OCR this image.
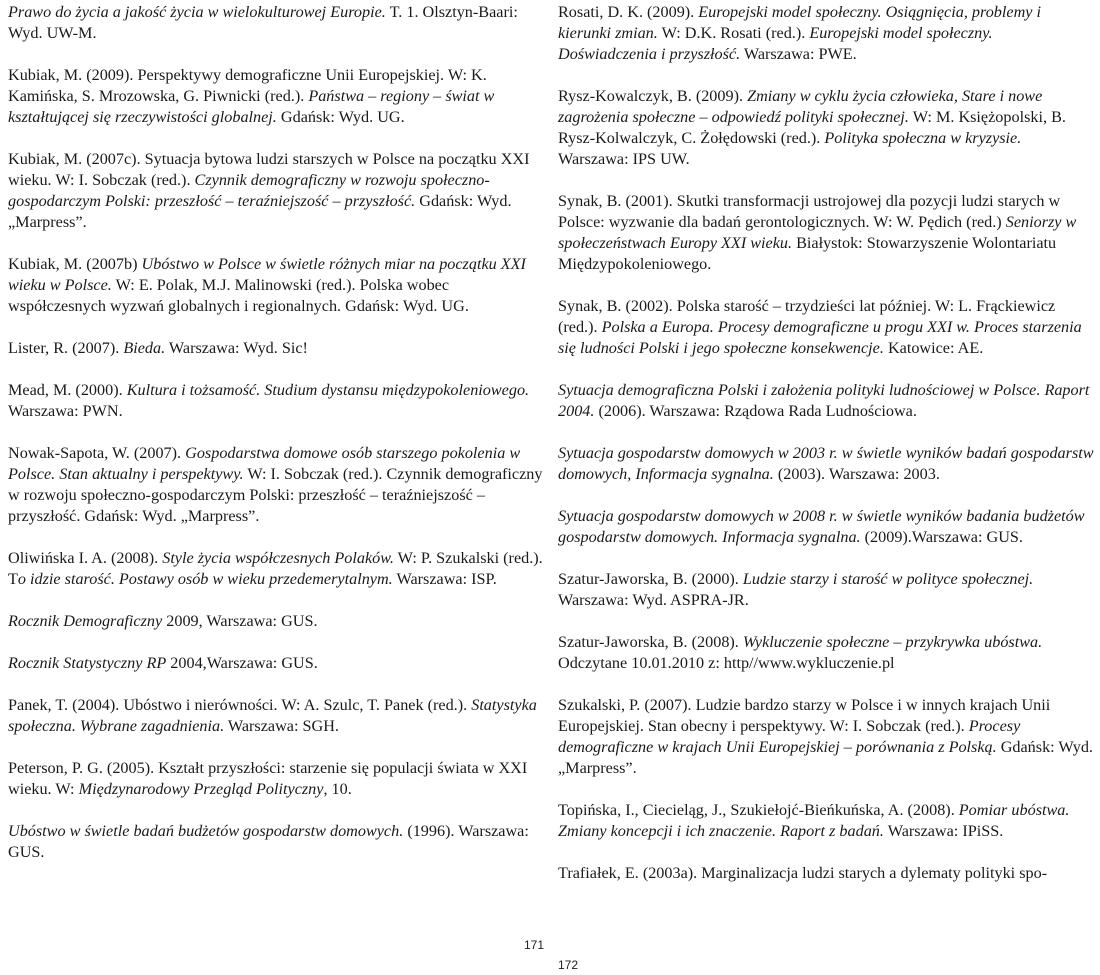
Prawo do życia a jakość życia w wielokulturowej Europie. T. 1. Olsztyn-Baari: Wyd. UW-M.

Kubiak, M. (2009). Perspektywy demograficzne Unii Europejskiej. W: K. Kamińska, S. Mrozowska, G. Piwnicki (red.). Państwa – regiony – świat w kształtującej się rzeczywistości globalnej. Gdańsk: Wyd. UG.

Kubiak, M. (2007c). Sytuacja bytowa ludzi starszych w Polsce na początku XXI wieku. W: I. Sobczak (red.). Czynnik demograficzny w rozwoju społeczno-gospodarczym Polski: przeszłość – teraźniejszość – przyszłość. Gdańsk: Wyd. „Marpress”.

Kubiak, M. (2007b) Ubóstwo w Polsce w świetle różnych miar na początku XXI wieku w Polsce. W: E. Polak, M.J. Malinowski (red.). Polska wobec współczesnych wyzwań globalnych i regionalnych. Gdańsk: Wyd. UG.

Lister, R. (2007). Bieda. Warszawa: Wyd. Sic!

Mead, M. (2000). Kultura i tożsamość. Studium dystansu międzypokoleniowego. Warszawa: PWN.

Nowak-Sapota, W. (2007). Gospodarstwa domowe osób starszego pokolenia w Polsce. Stan aktualny i perspektywy. W: I. Sobczak (red.). Czynnik demograficzny w rozwoju społeczno-gospodarczym Polski: przeszłość – teraźniejszość – przyszłość. Gdańsk: Wyd. „Marpress”.

Oliwińska I. A. (2008). Style życia współczesnych Polaków. W: P. Szukalski (red.). To idzie starość. Postawy osób w wieku przedemerytalnym. Warszawa: ISP.

Rocznik Demograficzny 2009, Warszawa: GUS.

Rocznik Statystyczny RP 2004,Warszawa: GUS.

Panek, T. (2004). Ubóstwo i nierówności. W: A. Szulc, T. Panek (red.). Statystyka społeczna. Wybrane zagadnienia. Warszawa: SGH.

Peterson, P. G. (2005). Kształt przyszłości: starzenie się populacji świata w XXI wieku. W: Międzynarodowy Przegląd Polityczny, 10.

Ubóstwo w świetle badań budżetów gospodarstw domowych. (1996). Warszawa: GUS.

Rosati, D. K. (2009). Europejski model społeczny. Osiągnięcia, problemy i kierunki zmian. W: D.K. Rosati (red.). Europejski model społeczny. Doświadczenia i przyszłość. Warszawa: PWE.

Rysz-Kowalczyk, B. (2009). Zmiany w cyklu życia człowieka, Stare i nowe zagrożenia społeczne – odpowiedź polityki społecznej. W: M. Księżopolski, B. Rysz-Kolwalczyk, C. Żołędowski (red.). Polityka społeczna w kryzysie. Warszawa: IPS UW.

Synak, B. (2001). Skutki transformacji ustrojowej dla pozycji ludzi starych w Polsce: wyzwanie dla badań gerontologicznych. W: W. Pędich (red.) Seniorzy w społeczeństwach Europy XXI wieku. Białystok: Stowarzyszenie Wolontariatu Międzypokoleniowego.

Synak, B. (2002). Polska starość – trzydzieści lat później. W: L. Frąckiewicz (red.). Polska a Europa. Procesy demograficzne u progu XXI w. Proces starzenia się ludności Polski i jego społeczne konsekwencje. Katowice: AE.

Sytuacja demograficzna Polski i założenia polityki ludnościowej w Polsce. Raport 2004. (2006). Warszawa: Rządowa Rada Ludnościowa.

Sytuacja gospodarstw domowych w 2003 r. w świetle wyników badań gospodarstw domowych, Informacja sygnalna. (2003). Warszawa: 2003.

Sytuacja gospodarstw domowych w 2008 r. w świetle wyników badania budżetów gospodarstw domowych. Informacja sygnalna. (2009).Warszawa: GUS.

Szatur-Jaworska, B. (2000). Ludzie starzy i starość w polityce społecznej. Warszawa: Wyd. ASPRA-JR.

Szatur-Jaworska, B. (2008). Wykluczenie społeczne – przykrywka ubóstwa. Odczytane 10.01.2010 z: http//www.wykluczenie.pl

Szukalski, P. (2007). Ludzie bardzo starzy w Polsce i w innych krajach Unii Europejskiej. Stan obecny i perspektywy. W: I. Sobczak (red.). Procesy demograficzne w krajach Unii Europejskiej – porównania z Polską. Gdańsk: Wyd. „Marpress”.

Topińska, I., Ciecieląg, J., Szukiełojć-Bieńkuńska, A. (2008). Pomiar ubóstwa. Zmiany koncepcji i ich znaczenie. Raport z badań. Warszawa: IPiSS.

Trafiałek, E. (2003a). Marginalizacja ludzi starych a dylematy polityki spo-

171
172
